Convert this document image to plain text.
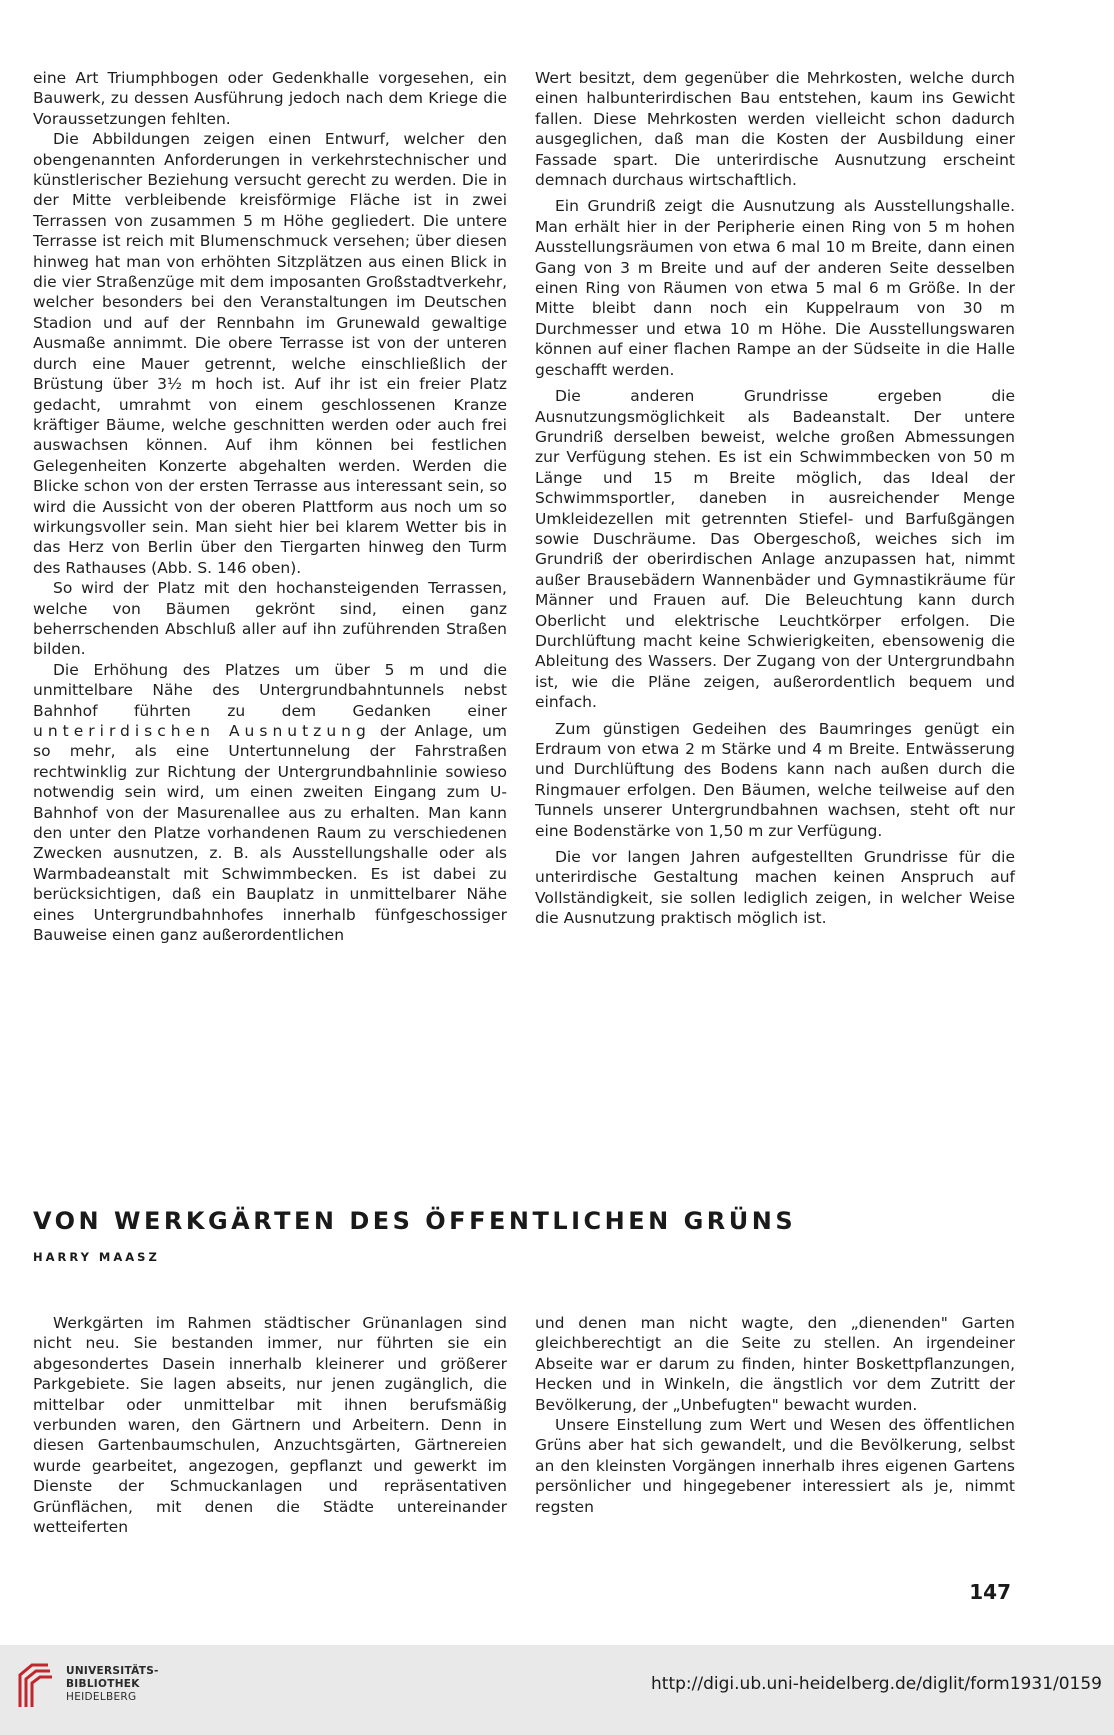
eine Art Triumphbogen oder Gedenkhalle vorgesehen, ein Bauwerk, zu dessen Ausführung jedoch nach dem Kriege die Voraussetzungen fehlten.

Die Abbildungen zeigen einen Entwurf, welcher den obengenannten Anforderungen in verkehrstechnischer und künstlerischer Beziehung versucht gerecht zu werden. Die in der Mitte verbleibende kreisförmige Fläche ist in zwei Terrassen von zusammen 5 m Höhe gegliedert. Die untere Terrasse ist reich mit Blumenschmuck versehen; über diesen hinweg hat man von erhöhten Sitzplätzen aus einen Blick in die vier Straßenzüge mit dem imposanten Großstadtverkehr, welcher besonders bei den Veranstaltungen im Deutschen Stadion und auf der Rennbahn im Grunewald gewaltige Ausmaße annimmt. Die obere Terrasse ist von der unteren durch eine Mauer getrennt, welche einschließlich der Brüstung über 3½ m hoch ist. Auf ihr ist ein freier Platz gedacht, umrahmt von einem geschlossenen Kranze kräftiger Bäume, welche geschnitten werden oder auch frei auswachsen können. Auf ihm können bei festlichen Gelegenheiten Konzerte abgehalten werden. Werden die Blicke schon von der ersten Terrasse aus interessant sein, so wird die Aussicht von der oberen Plattform aus noch um so wirkungsvoller sein. Man sieht hier bei klarem Wetter bis in das Herz von Berlin über den Tiergarten hinweg den Turm des Rathauses (Abb. S. 146 oben).

So wird der Platz mit den hochansteigenden Terrassen, welche von Bäumen gekrönt sind, einen ganz beherrschenden Abschluß aller auf ihn zuführenden Straßen bilden.

Die Erhöhung des Platzes um über 5 m und die unmittelbare Nähe des Untergrundbahntunnels nebst Bahnhof führten zu dem Gedanken einer unterirdischen Ausnutzung der Anlage, um so mehr, als eine Untertunnelung der Fahrstraßen rechtwinklig zur Richtung der Untergrundbahnlinie sowieso notwendig sein wird, um einen zweiten Eingang zum U-Bahnhof von der Masurenallee aus zu erhalten. Man kann den unter den Platze vorhandenen Raum zu verschiedenen Zwecken ausnutzen, z. B. als Ausstellungshalle oder als Warmbadeanstalt mit Schwimmbecken. Es ist dabei zu berücksichtigen, daß ein Bauplatz in unmittelbarer Nähe eines Untergrundbahnhofes innerhalb fünfgeschossiger Bauweise einen ganz außerordentlichen

Wert besitzt, dem gegenüber die Mehrkosten, welche durch einen halbunterirdischen Bau entstehen, kaum ins Gewicht fallen. Diese Mehrkosten werden vielleicht schon dadurch ausgeglichen, daß man die Kosten der Ausbildung einer Fassade spart. Die unterirdische Ausnutzung erscheint demnach durchaus wirtschaftlich.

Ein Grundriß zeigt die Ausnutzung als Ausstellungshalle. Man erhält hier in der Peripherie einen Ring von 5 m hohen Ausstellungsräumen von etwa 6 mal 10 m Breite, dann einen Gang von 3 m Breite und auf der anderen Seite desselben einen Ring von Räumen von etwa 5 mal 6 m Größe. In der Mitte bleibt dann noch ein Kuppelraum von 30 m Durchmesser und etwa 10 m Höhe. Die Ausstellungswaren können auf einer flachen Rampe an der Südseite in die Halle geschafft werden.

Die anderen Grundrisse ergeben die Ausnutzungsmöglichkeit als Badeanstalt. Der untere Grundriß derselben beweist, welche großen Abmessungen zur Verfügung stehen. Es ist ein Schwimmbecken von 50 m Länge und 15 m Breite möglich, das Ideal der Schwimmsportler, daneben in ausreichender Menge Umkleidezellen mit getrennten Stiefel- und Barfußgängen sowie Duschräume. Das Obergeschoß, weiches sich im Grundriß der oberirdischen Anlage anzupassen hat, nimmt außer Brausebädern Wannenbäder und Gymnastikräume für Männer und Frauen auf. Die Beleuchtung kann durch Oberlicht und elektrische Leuchtkörper erfolgen. Die Durchlüftung macht keine Schwierigkeiten, ebensowenig die Ableitung des Wassers. Der Zugang von der Untergrundbahn ist, wie die Pläne zeigen, außerordentlich bequem und einfach.

Zum günstigen Gedeihen des Baumringes genügt ein Erdraum von etwa 2 m Stärke und 4 m Breite. Entwässerung und Durchlüftung des Bodens kann nach außen durch die Ringmauer erfolgen. Den Bäumen, welche teilweise auf den Tunnels unserer Untergrundbahnen wachsen, steht oft nur eine Bodenstärke von 1,50 m zur Verfügung.

Die vor langen Jahren aufgestellten Grundrisse für die unterirdische Gestaltung machen keinen Anspruch auf Vollständigkeit, sie sollen lediglich zeigen, in welcher Weise die Ausnutzung praktisch möglich ist.

VON WERKGÄRTEN DES ÖFFENTLICHEN GRÜNS
HARRY MAASZ

Werkgärten im Rahmen städtischer Grünanlagen sind nicht neu. Sie bestanden immer, nur führten sie ein abgesondertes Dasein innerhalb kleinerer und größerer Parkgebiete. Sie lagen abseits, nur jenen zugänglich, die mittelbar oder unmittelbar mit ihnen berufsmäßig verbunden waren, den Gärtnern und Arbeitern. Denn in diesen Gartenbaumschulen, Anzuchtsgärten, Gärtnereien wurde gearbeitet, angezogen, gepflanzt und gewerkt im Dienste der Schmuckanlagen und repräsentativen Grünflächen, mit denen die Städte untereinander wetteiferten

und denen man nicht wagte, den „dienenden" Garten gleichberechtigt an die Seite zu stellen. An irgendeiner Abseite war er darum zu finden, hinter Boskettpflanzungen, Hecken und in Winkeln, die ängstlich vor dem Zutritt der Bevölkerung, der „Unbefugten" bewacht wurden.

Unsere Einstellung zum Wert und Wesen des öffentlichen Grüns aber hat sich gewandelt, und die Bevölkerung, selbst an den kleinsten Vorgängen innerhalb ihres eigenen Gartens persönlicher und hingegebener interessiert als je, nimmt regsten

147
UNIVERSITÄTS-
BIBLIOTHEK
HEIDELBERG
http://digi.ub.uni-heidelberg.de/diglit/form1931/0159
